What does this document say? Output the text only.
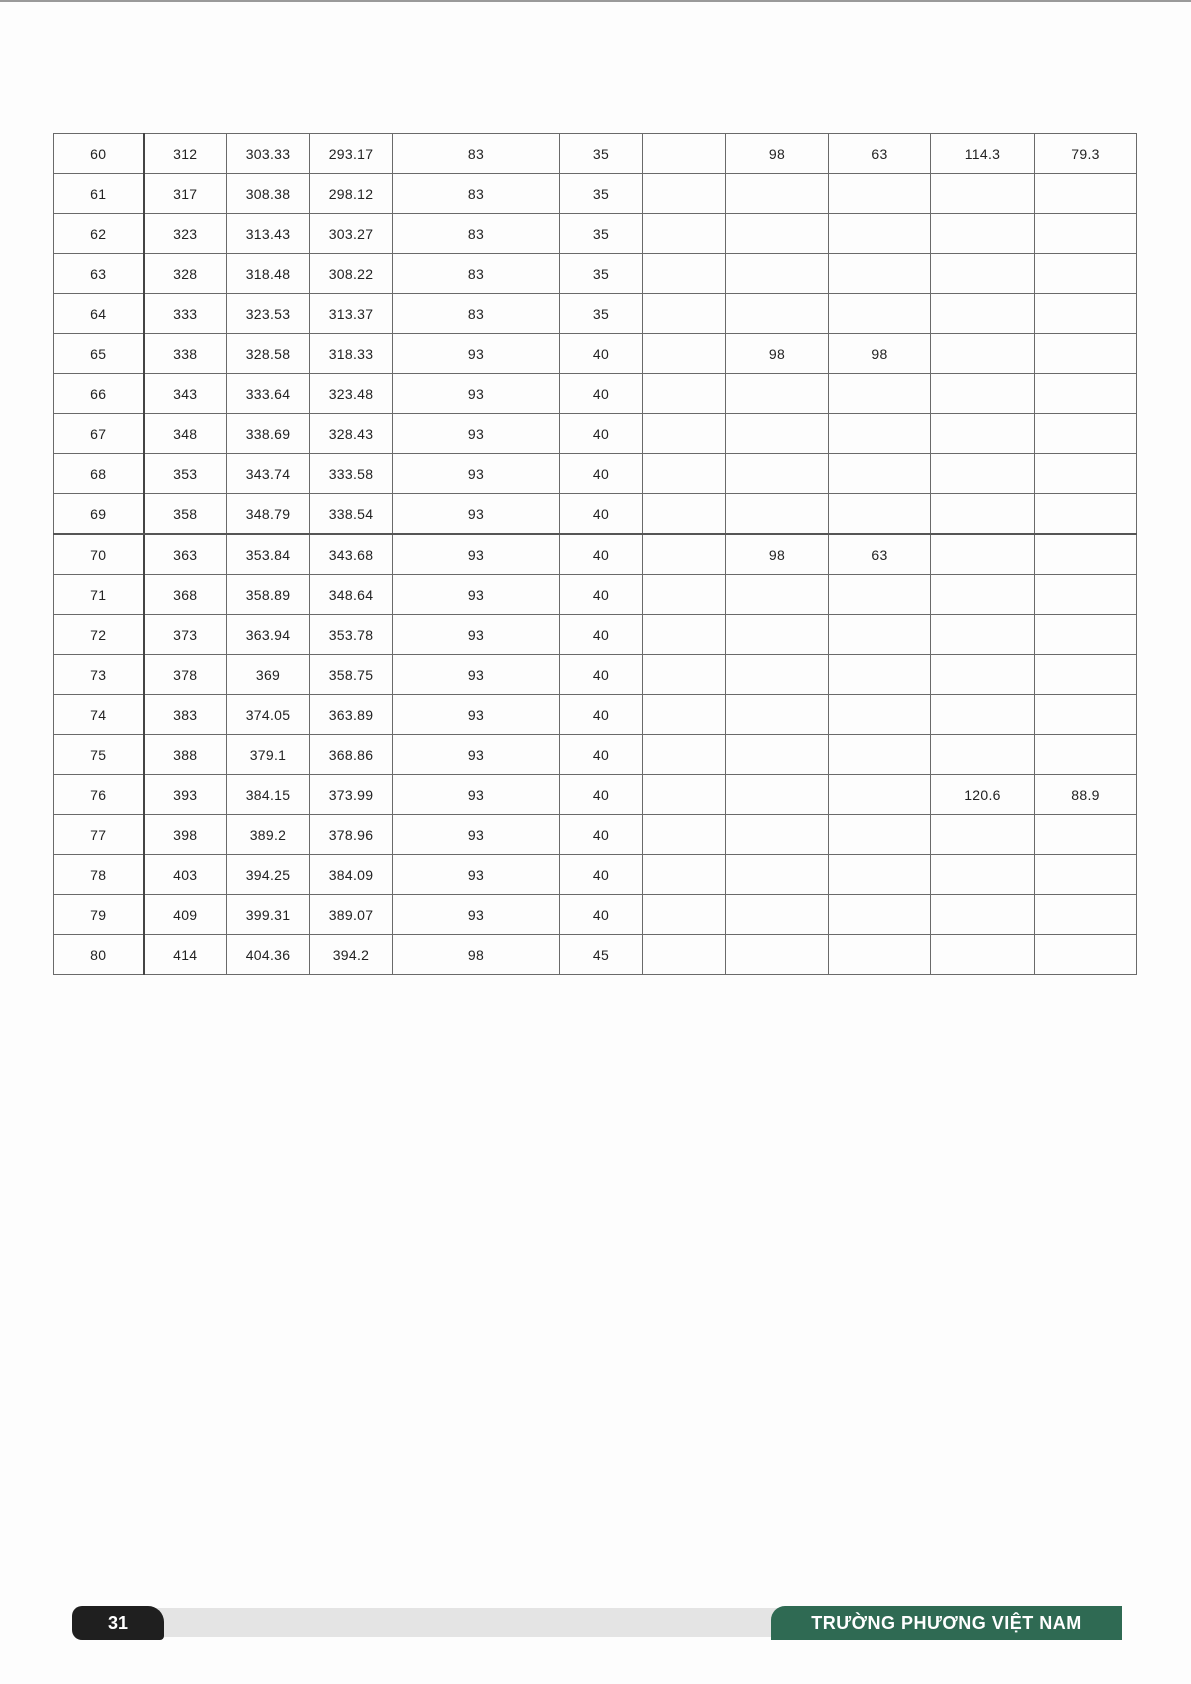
60	312	303.33	293.17	83	35		98	63	114.3	79.3
61	317	308.38	298.12	83	35					
62	323	313.43	303.27	83	35					
63	328	318.48	308.22	83	35					
64	333	323.53	313.37	83	35					
65	338	328.58	318.33	93	40		98	98		
66	343	333.64	323.48	93	40					
67	348	338.69	328.43	93	40					
68	353	343.74	333.58	93	40					
69	358	348.79	338.54	93	40					
70	363	353.84	343.68	93	40		98	63		
71	368	358.89	348.64	93	40					
72	373	363.94	353.78	93	40					
73	378	369	358.75	93	40					
74	383	374.05	363.89	93	40					
75	388	379.1	368.86	93	40					
76	393	384.15	373.99	93	40				120.6	88.9
77	398	389.2	378.96	93	40					
78	403	394.25	384.09	93	40					
79	409	399.31	389.07	93	40					
80	414	404.36	394.2	98	45					
31	TRƯỜNG PHƯƠNG VIỆT NAM
